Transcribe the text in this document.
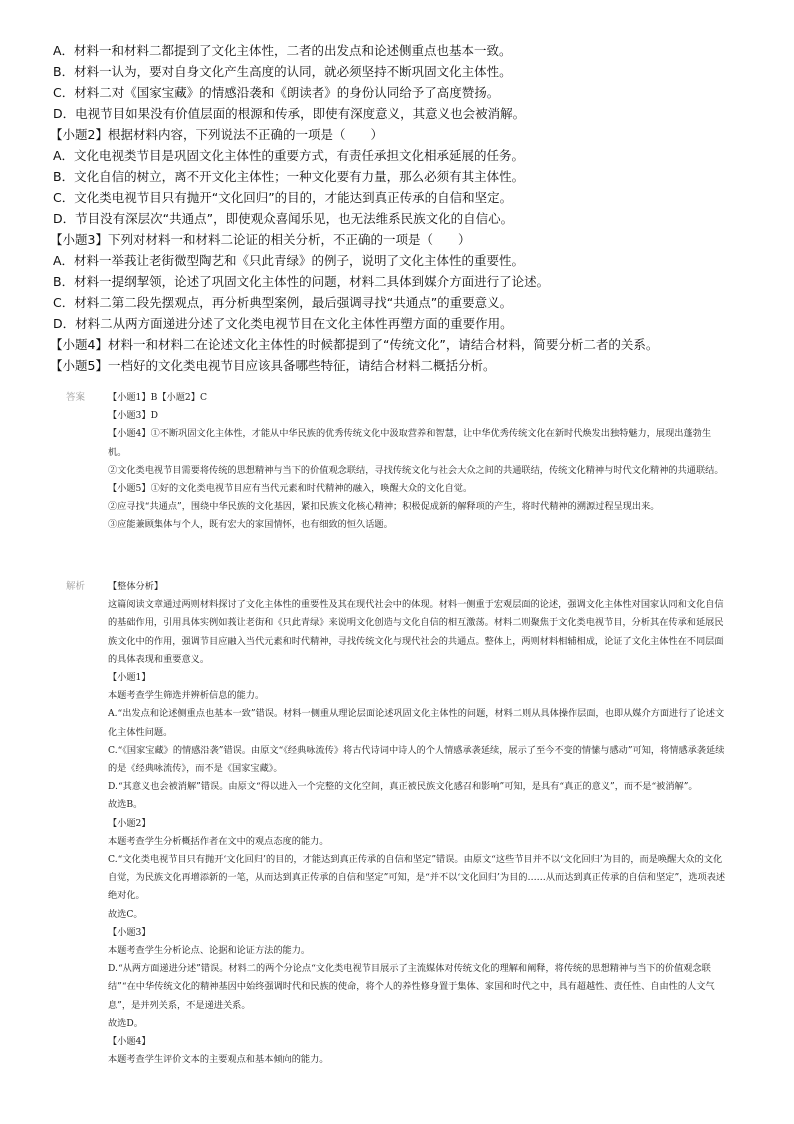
A．材料一和材料二都提到了文化主体性，二者的出发点和论述侧重点也基本一致。
B．材料一认为，要对自身文化产生高度的认同，就必须坚持不断巩固文化主体性。
C．材料二对《国家宝藏》的情感沿袭和《朗读者》的身份认同给予了高度赞扬。
D．电视节目如果没有价值层面的根源和传承，即使有深度意义，其意义也会被消解。
【小题2】根据材料内容，下列说法不正确的一项是（　　）
A．文化电视类节目是巩固文化主体性的重要方式，有责任承担文化相承延展的任务。
B．文化自信的树立，离不开文化主体性；一种文化要有力量，那么必须有其主体性。
C．文化类电视节目只有抛开“文化回归”的目的，才能达到真正传承的自信和坚定。
D．节目没有深层次“共通点”，即使观众喜闻乐见，也无法维系民族文化的自信心。
【小题3】下列对材料一和材料二论证的相关分析，不正确的一项是（　　）
A．材料一举莪让老街微型陶艺和《只此青绿》的例子，说明了文化主体性的重要性。
B．材料一提纲挈领，论述了巩固文化主体性的问题，材料二具体到媒介方面进行了论述。
C．材料二第二段先摆观点，再分析典型案例，最后强调寻找“共通点”的重要意义。
D．材料二从两方面递进分述了文化类电视节目在文化主体性再塑方面的重要作用。
【小题4】材料一和材料二在论述文化主体性的时候都提到了“传统文化”，请结合材料，简要分析二者的关系。
【小题5】一档好的文化类电视节目应该具备哪些特征，请结合材料二概括分析。
答案 【小题1】B【小题2】C
【小题3】D
【小题4】①不断巩固文化主体性，才能从中华民族的优秀传统文化中汲取营养和智慧，让中华优秀传统文化在新时代焕发出独特魅力，展现出蓬勃生机。
②文化类电视节目需要将传统的思想精神与当下的价值观念联结，寻找传统文化与社会大众之间的共通联结，传统文化精神与时代文化精神的共通联结。
【小题5】①好的文化类电视节目应有当代元素和时代精神的融入，唤醒大众的文化自觉。
②应寻找“共通点”，围绕中华民族的文化基因，紧扣民族文化核心精神；积极促成新的解释项的产生，将时代精神的溯源过程呈现出来。
③应能兼顾集体与个人，既有宏大的家国情怀，也有细致的恒久话题。
解析 【整体分析】
这篇阅读文章通过两则材料探讨了文化主体性的重要性及其在现代社会中的体现。材料一侧重于宏观层面的论述，强调文化主体性对国家认同和文化自信的基础作用，引用具体实例如莪让老街和《只此青绿》来说明文化创造与文化自信的相互激荡。材料二则聚焦于文化类电视节目，分析其在传承和延展民族文化中的作用，强调节目应融入当代元素和时代精神，寻找传统文化与现代社会的共通点。整体上，两则材料相辅相成，论证了文化主体性在不同层面的具体表现和重要意义。
【小题1】
本题考查学生筛选并辨析信息的能力。
A.“出发点和论述侧重点也基本一致”错误。材料一侧重从理论层面论述巩固文化主体性的问题，材料二则从具体操作层面，也即从媒介方面进行了论述文化主体性问题。
C.“《国家宝藏》的情感沿袭”错误。由原文“《经典咏流传》将古代诗词中诗人的个人情感承袭延续，展示了至今不变的情愫与感动”可知，将情感承袭延续的是《经典咏流传》，而不是《国家宝藏》。
D.“其意义也会被消解”错误。由原文“得以进入一个完整的文化空间，真正被民族文化感召和影响”可知，是具有“真正的意义”，而不是“被消解”。
故选B。
【小题2】
本题考查学生分析概括作者在文中的观点态度的能力。
C.“文化类电视节目只有抛开‘文化回归’的目的，才能达到真正传承的自信和坚定”错误。由原文“这些节目并不以‘文化回归’为目的，而是唤醒大众的文化自觉，为民族文化再增添新的一笔，从而达到真正传承的自信和坚定”可知，是“并不以‘文化回归’为目的……从而达到真正传承的自信和坚定”，选项表述绝对化。
故选C。
【小题3】
本题考查学生分析论点、论据和论证方法的能力。
D.“从两方面递进分述”错误。材料二的两个分论点“文化类电视节目展示了主流媒体对传统文化的理解和阐释，将传统的思想精神与当下的价值观念联结”“在中华传统文化的精神基因中始终强调时代和民族的使命，将个人的养性修身置于集体、家国和时代之中，具有超越性、责任性、自由性的人文气息”，是并列关系，不是递进关系。
故选D。
【小题4】
本题考查学生评价文本的主要观点和基本倾向的能力。
